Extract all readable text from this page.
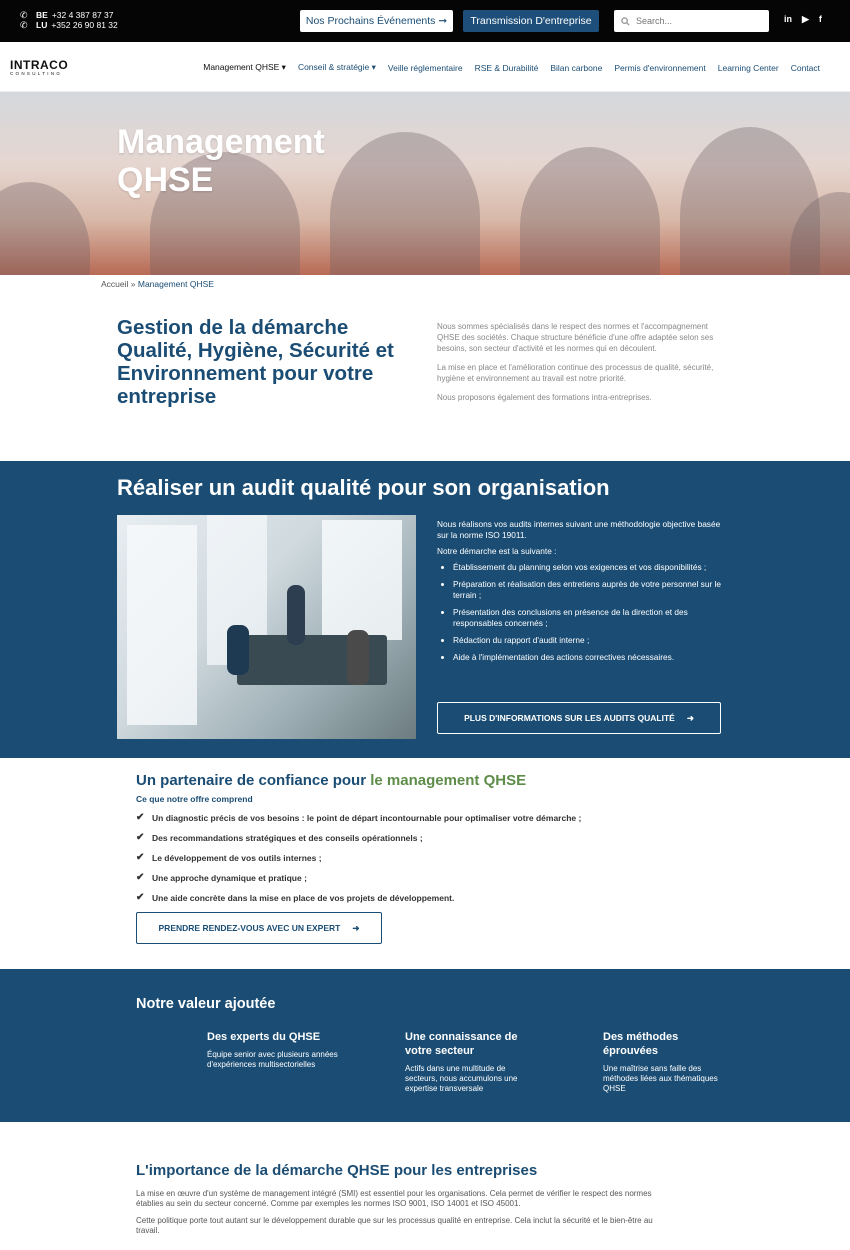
✆ BE +32 4 387 87 37
✆ LU +352 26 90 81 32	Nos Prochains Événements ➞	Transmission D'entreprise
Search...	in ▶ f
INTRACO
CONSULTING
Management QHSE ▾ Conseil & stratégie ▾ Veille réglementaire RSE & Durabilité Bilan carbone Permis d'environnement Learning Center Contact
Management QHSE
Accueil » Management QHSE
Gestion de la démarche Qualité, Hygiène, Sécurité et Environnement pour votre entreprise

Nous sommes spécialisés dans le respect des normes et l'accompagnement QHSE des sociétés. Chaque structure bénéficie d'une offre adaptée selon ses besoins, son secteur d'activité et les normes qui en découlent.

La mise en place et l'amélioration continue des processus de qualité, sécurité, hygiène et environnement au travail est notre priorité.

Nous proposons également des formations intra-entreprises.

Réaliser un audit qualité pour son organisation

Nous réalisons vos audits internes suivant une méthodologie objective basée sur la norme ISO 19011.

Notre démarche est la suivante :

• Établissement du planning selon vos exigences et vos disponibilités ;
• Préparation et réalisation des entretiens auprès de votre personnel sur le terrain ;
• Présentation des conclusions en présence de la direction et des responsables concernés ;
• Rédaction du rapport d'audit interne ;
• Aide à l'implémentation des actions correctives nécessaires.
PLUS D'INFORMATIONS SUR LES AUDITS QUALITÉ ➜
Un partenaire de confiance pour le management QHSE
Ce que notre offre comprend
✔ Un diagnostic précis de vos besoins : le point de départ incontournable pour optimaliser votre démarche ;
✔ Des recommandations stratégiques et des conseils opérationnels ;
✔ Le développement de vos outils internes ;
✔ Une approche dynamique et pratique ;
✔ Une aide concrète dans la mise en place de vos projets de développement.
PRENDRE RENDEZ-VOUS AVEC UN EXPERT ➜
Notre valeur ajoutée
Des experts du QHSE

Équipe senior avec plusieurs années d'expériences multisectorielles

Une connaissance de votre secteur

Actifs dans une multitude de secteurs, nous accumulons une expertise transversale

Des méthodes éprouvées

Une maîtrise sans faille des méthodes liées aux thématiques QHSE

L'importance de la démarche QHSE pour les entreprises

La mise en œuvre d'un système de management intégré (SMI) est essentiel pour les organisations. Cela permet de vérifier le respect des normes établies au sein du secteur concerné. Comme par exemples les normes ISO 9001, ISO 14001 et ISO 45001.

Cette politique porte tout autant sur le développement durable que sur les processus qualité en entreprise. Cela inclut la sécurité et le bien-être au travail.
